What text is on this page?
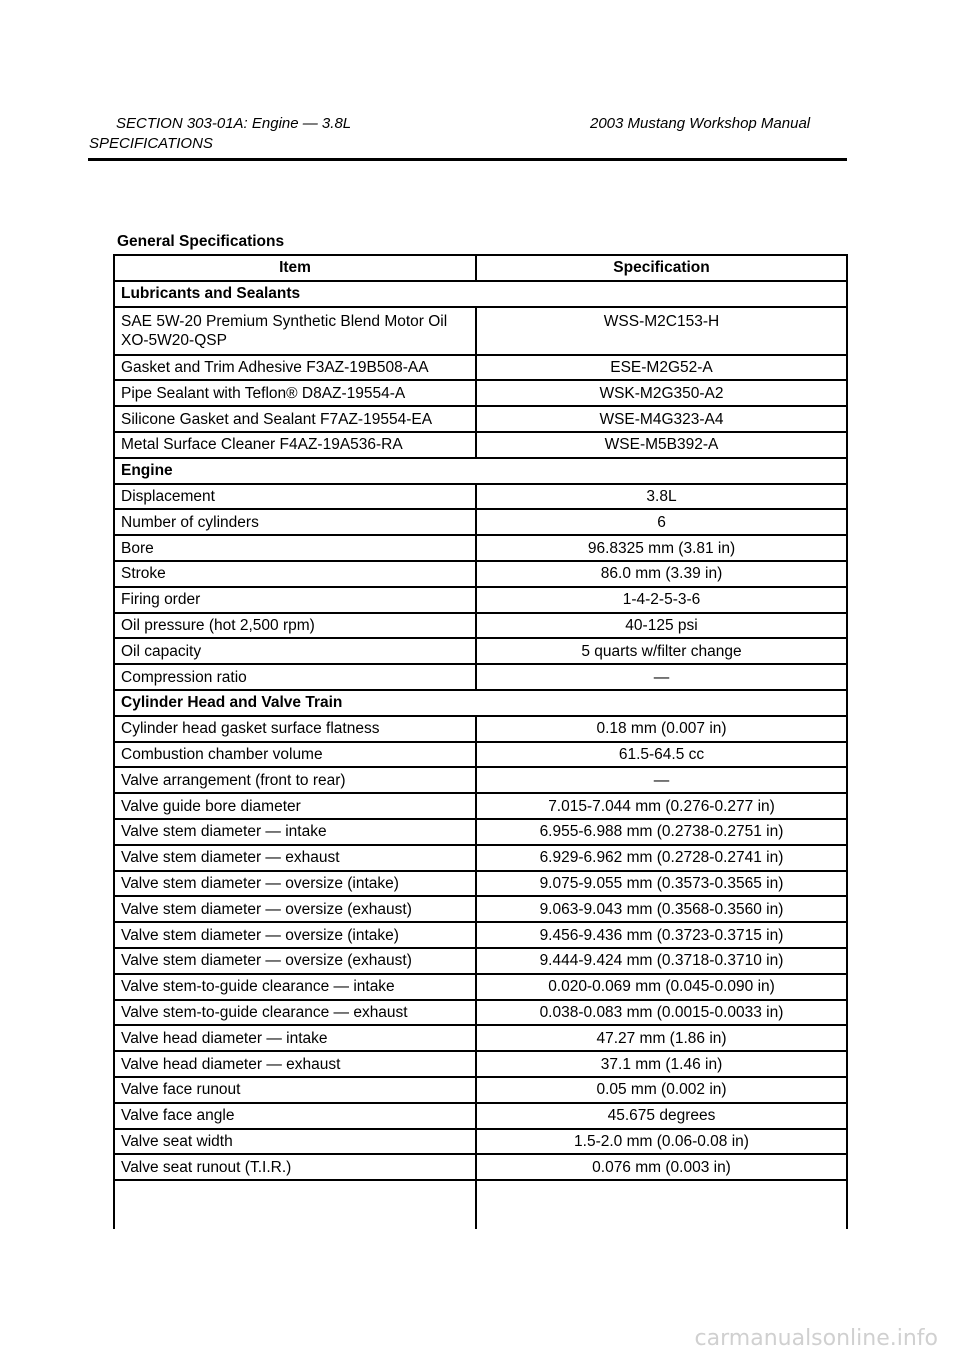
SECTION 303-01A: Engine — 3.8L	2003 Mustang Workshop Manual
SPECIFICATIONS
General Specifications
Item	Specification
Lubricants and Sealants	
SAE 5W-20 Premium Synthetic Blend Motor Oil XO-5W20-QSP	WSS-M2C153-H
Gasket and Trim Adhesive F3AZ-19B508-AA	ESE-M2G52-A
Pipe Sealant with Teflon® D8AZ-19554-A	WSK-M2G350-A2
Silicone Gasket and Sealant F7AZ-19554-EA	WSE-M4G323-A4
Metal Surface Cleaner F4AZ-19A536-RA	WSE-M5B392-A
Engine	
Displacement	3.8L
Number of cylinders	6
Bore	96.8325 mm (3.81 in)
Stroke	86.0 mm (3.39 in)
Firing order	1-4-2-5-3-6
Oil pressure (hot 2,500 rpm)	40-125 psi
Oil capacity	5 quarts w/filter change
Compression ratio	—
Cylinder Head and Valve Train	
Cylinder head gasket surface flatness	0.18 mm (0.007 in)
Combustion chamber volume	61.5-64.5 cc
Valve arrangement (front to rear)	—
Valve guide bore diameter	7.015-7.044 mm (0.276-0.277 in)
Valve stem diameter — intake	6.955-6.988 mm (0.2738-0.2751 in)
Valve stem diameter — exhaust	6.929-6.962 mm (0.2728-0.2741 in)
Valve stem diameter — oversize (intake)	9.075-9.055 mm (0.3573-0.3565 in)
Valve stem diameter — oversize (exhaust)	9.063-9.043 mm (0.3568-0.3560 in)
Valve stem diameter — oversize (intake)	9.456-9.436 mm (0.3723-0.3715 in)
Valve stem diameter — oversize (exhaust)	9.444-9.424 mm (0.3718-0.3710 in)
Valve stem-to-guide clearance — intake	0.020-0.069 mm (0.045-0.090 in)
Valve stem-to-guide clearance — exhaust	0.038-0.083 mm (0.0015-0.0033 in)
Valve head diameter — intake	47.27 mm (1.86 in)
Valve head diameter — exhaust	37.1 mm (1.46 in)
Valve face runout	0.05 mm (0.002 in)
Valve face angle	45.675 degrees
Valve seat width	1.5-2.0 mm (0.06-0.08 in)
Valve seat runout (T.I.R.)	0.076 mm (0.003 in)

carmanualsonline.info
